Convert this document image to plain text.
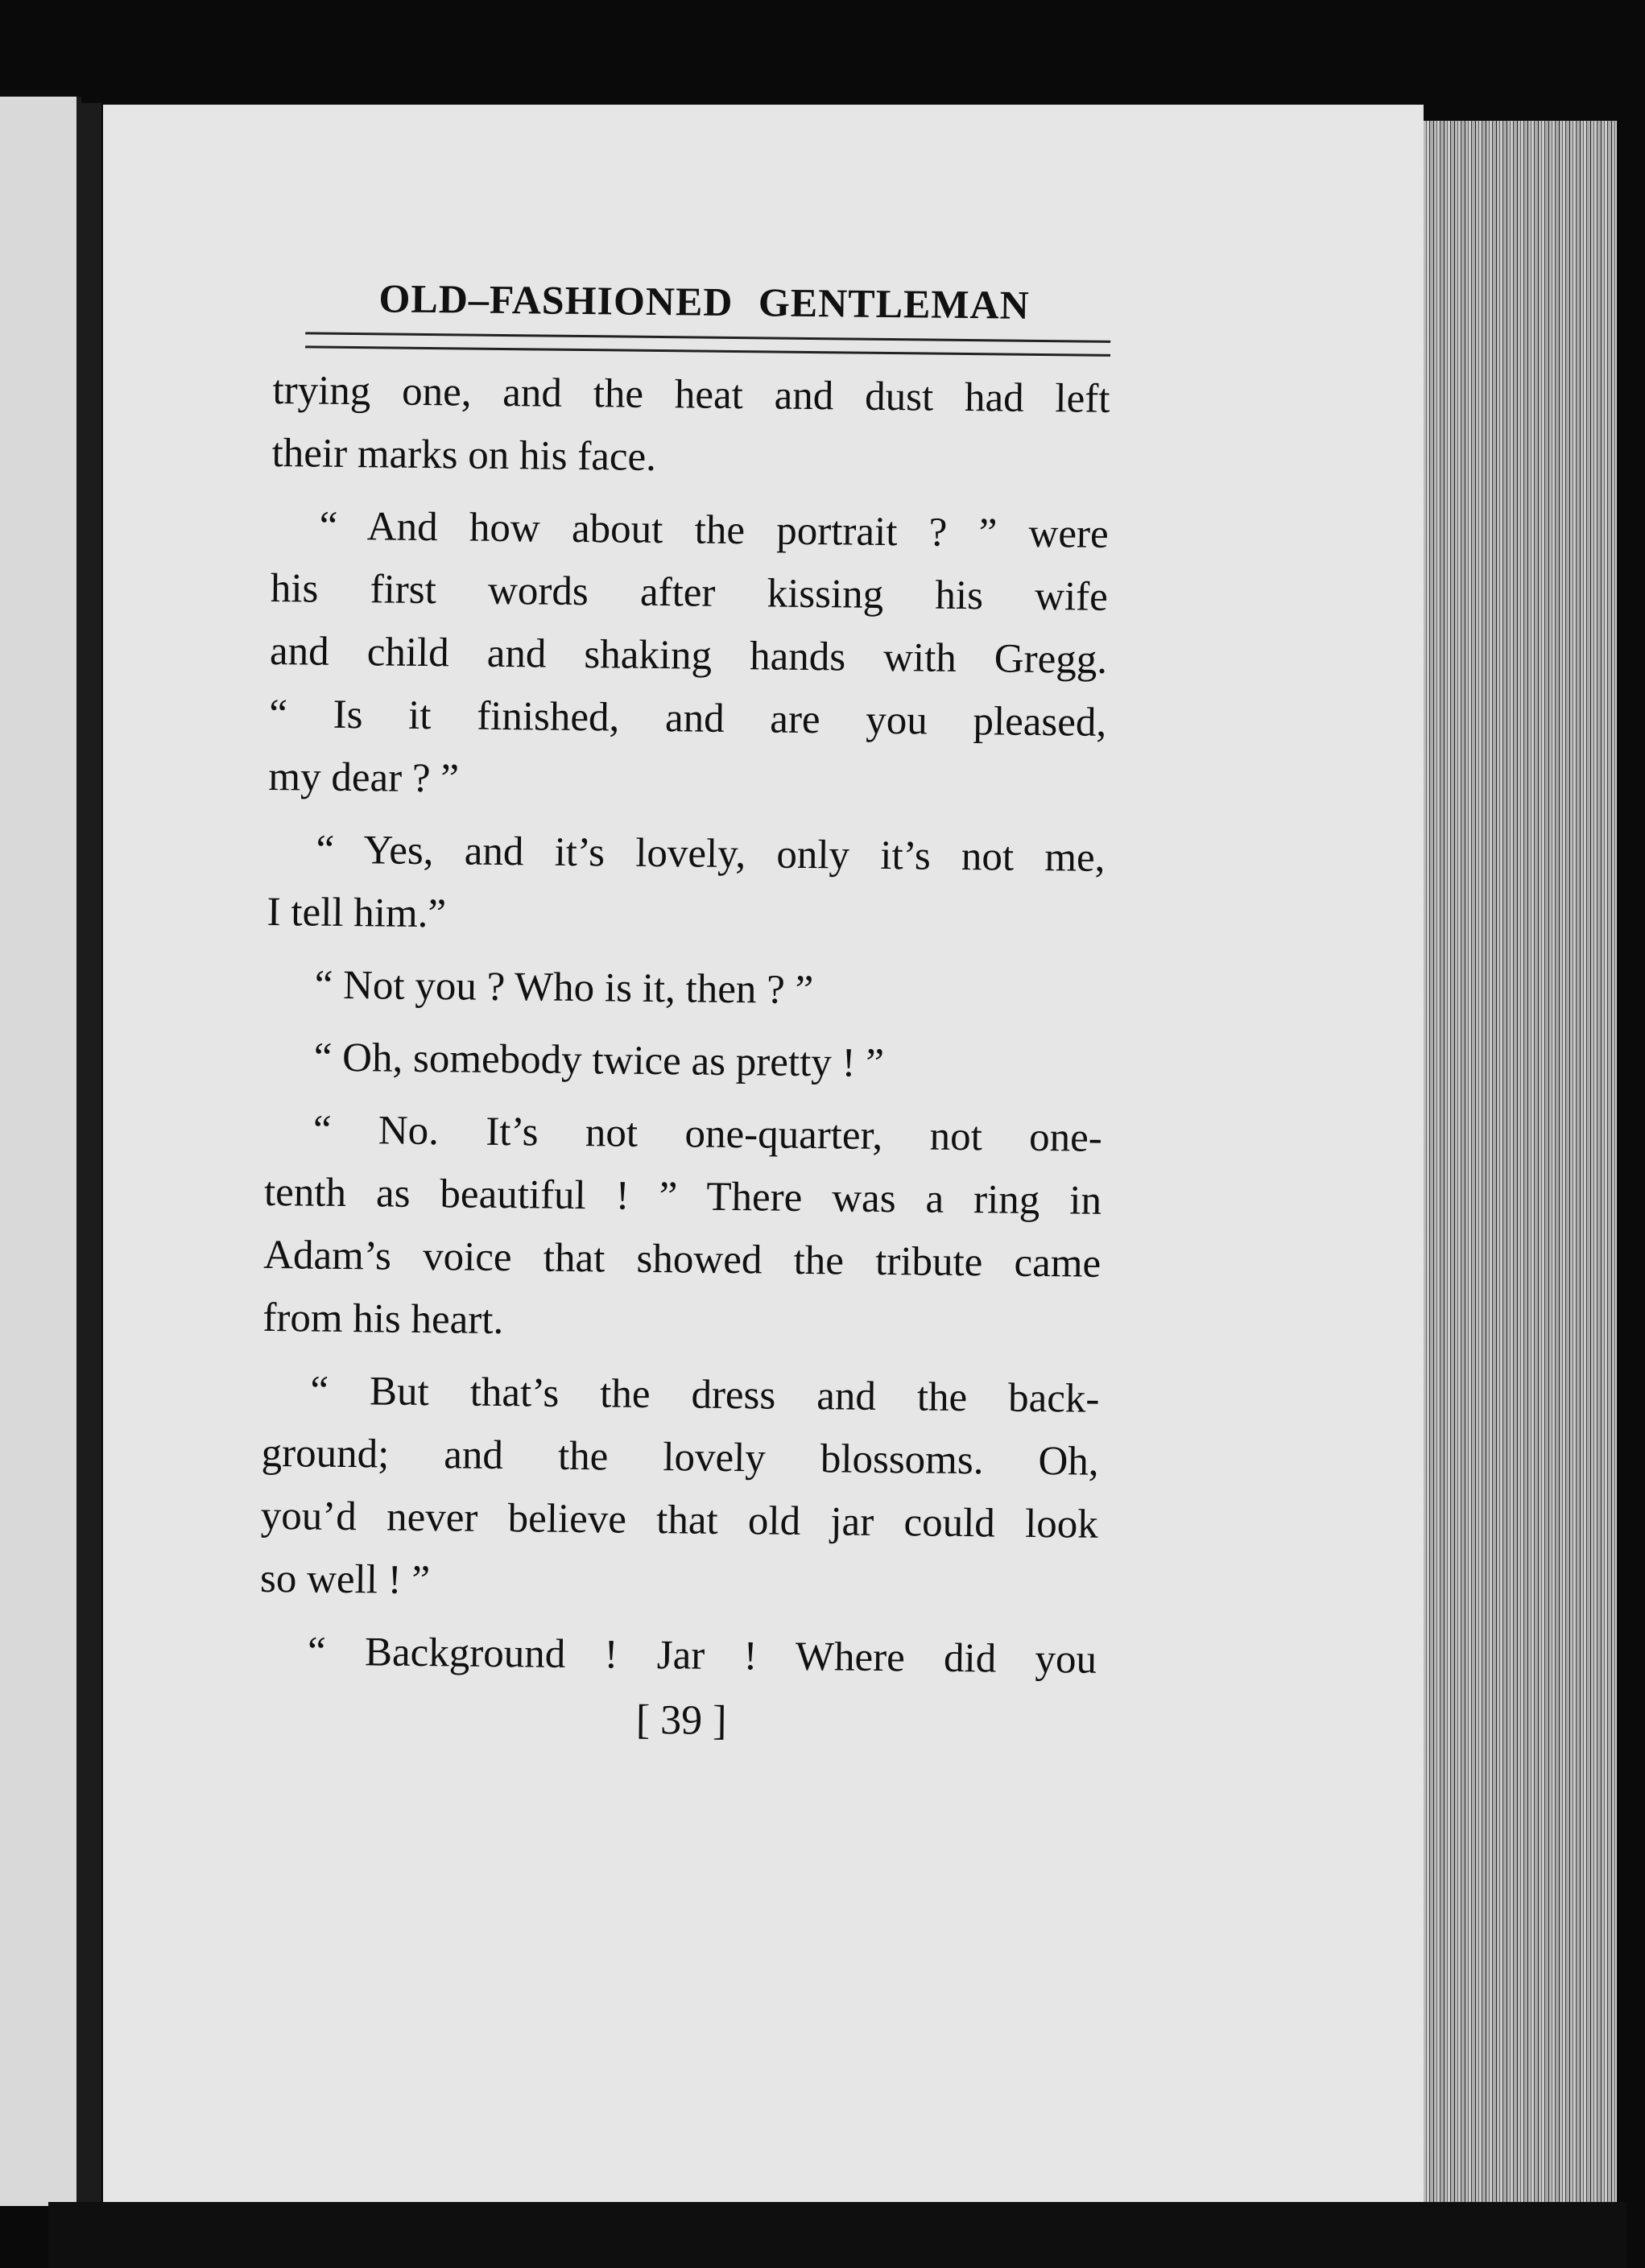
OLD–FASHIONED GENTLEMAN

trying one, and the heat and dust had left

their marks on his face.

“ And how about the portrait ? ” were

his first words after kissing his wife

and child and shaking hands with Gregg.

“ Is it finished, and are you pleased,

my dear ? ”

“ Yes, and it’s lovely, only it’s not me,

I tell him.”

“ Not you ? Who is it, then ? ”

“ Oh, somebody twice as pretty ! ”

“ No. It’s not one-quarter, not one-

tenth as beautiful ! ” There was a ring in

Adam’s voice that showed the tribute came

from his heart.

“ But that’s the dress and the back-

ground; and the lovely blossoms. Oh,

you’d never believe that old jar could look

so well ! ”

“ Background ! Jar ! Where did you

[ 39 ]
